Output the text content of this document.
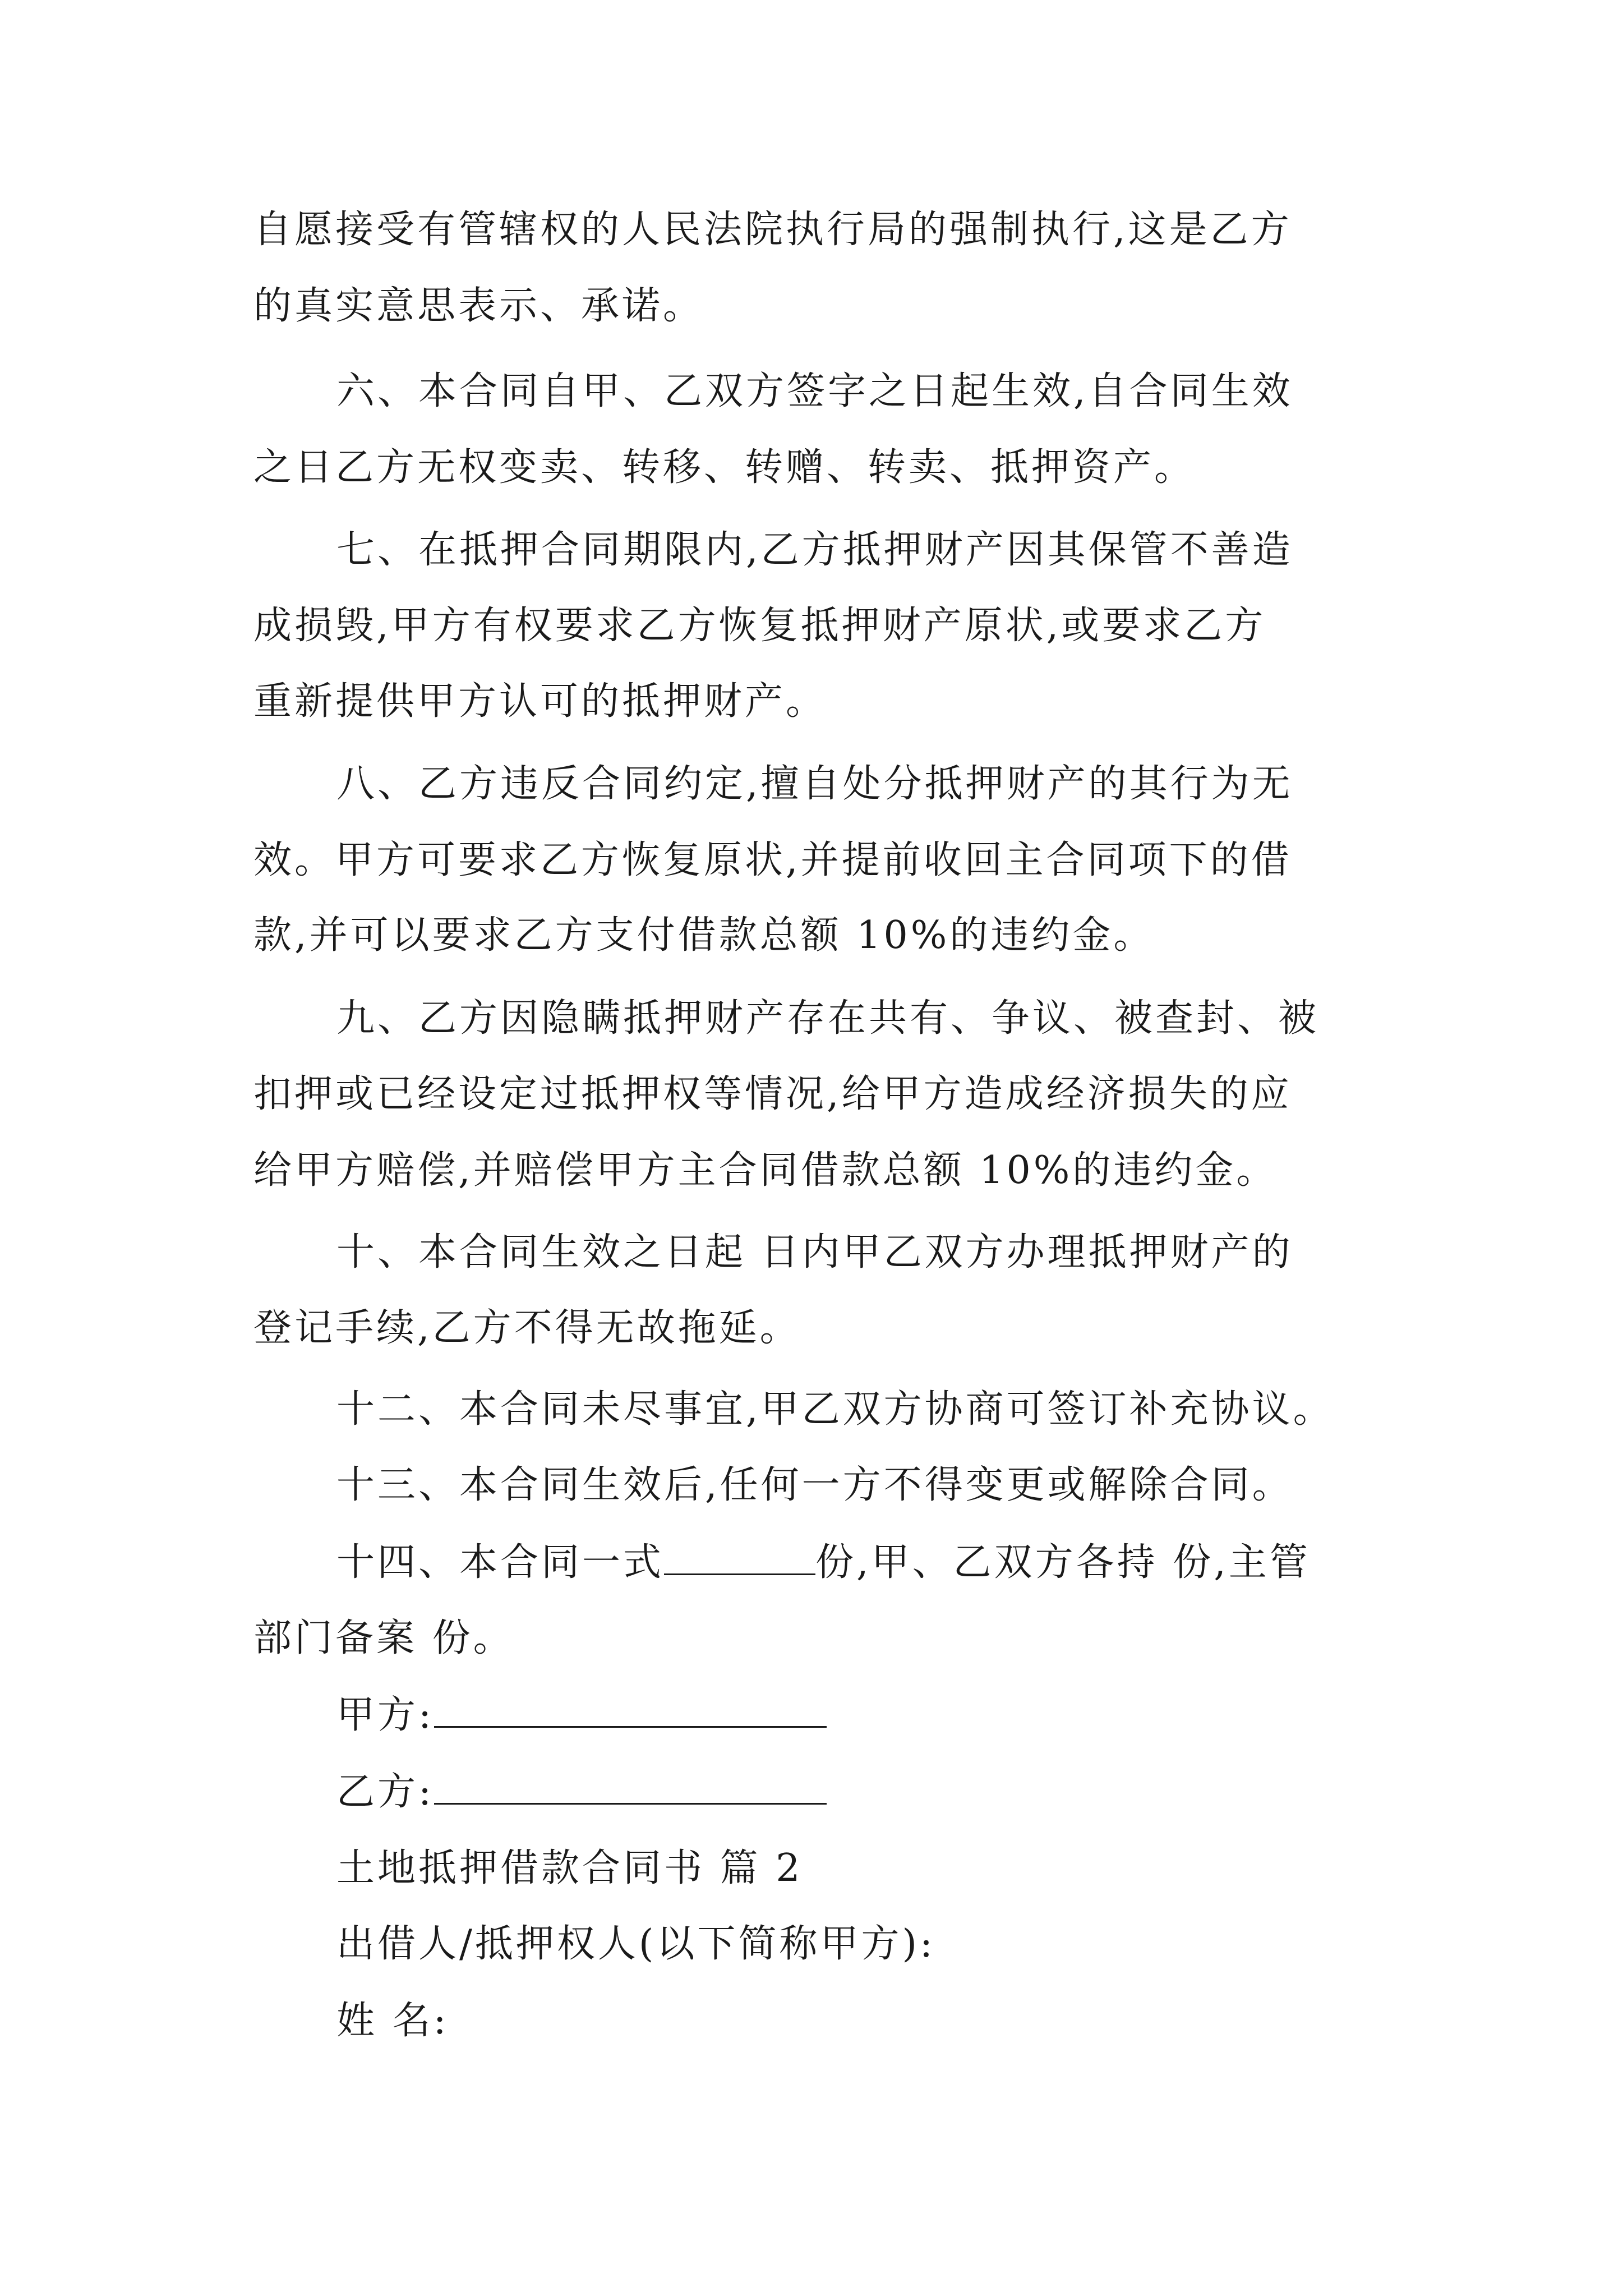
自愿接受有管辖权的人民法院执行局的强制执行,这是乙方
的真实意思表示、承诺。
六、本合同自甲、乙双方签字之日起生效,自合同生效
之日乙方无权变卖、转移、转赠、转卖、抵押资产。
七、在抵押合同期限内,乙方抵押财产因其保管不善造
成损毁,甲方有权要求乙方恢复抵押财产原状,或要求乙方
重新提供甲方认可的抵押财产。
八、乙方违反合同约定,擅自处分抵押财产的其行为无
效。甲方可要求乙方恢复原状,并提前收回主合同项下的借
款,并可以要求乙方支付借款总额 10%的违约金。
九、乙方因隐瞒抵押财产存在共有、争议、被查封、被
扣押或已经设定过抵押权等情况,给甲方造成经济损失的应
给甲方赔偿,并赔偿甲方主合同借款总额 10%的违约金。
十、本合同生效之日起 日内甲乙双方办理抵押财产的
登记手续,乙方不得无故拖延。
十二、本合同未尽事宜,甲乙双方协商可签订补充协议。
十三、本合同生效后,任何一方不得变更或解除合同。
十四、本合同一式	份,甲、乙双方各持 份,主管
部门备案 份。
甲方:
乙方:
土地抵押借款合同书 篇 2
出借人/抵押权人(以下简称甲方):
姓 名:
